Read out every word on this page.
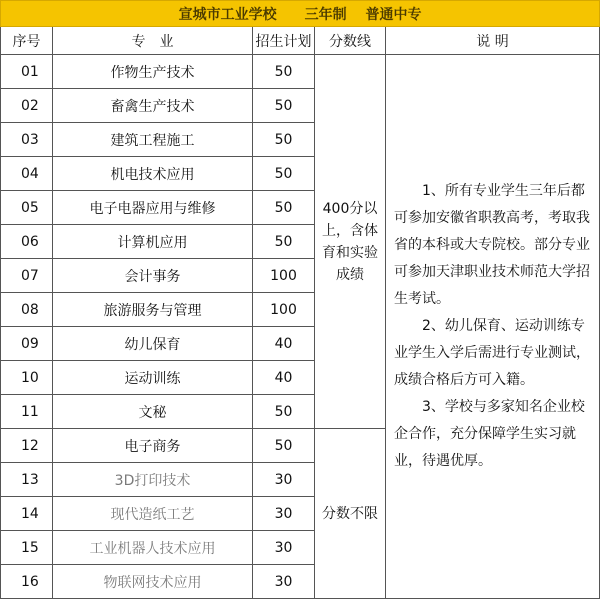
宣城市工业学校　　三年制　 普通中专				
序号	专　业	招生计划	分数线	说 明
01	作物生产技术	50	400分以上，含体育和实验成绩	1、所有专业学生三年后都可参加安徽省职教高考，考取我省的本科或大专院校。部分专业可参加天津职业技术师范大学招生考试。

2、幼儿保育、运动训练专业学生入学后需进行专业测试，成绩合格后方可入籍。

3、学校与多家知名企业校企合作，充分保障学生实习就业，待遇优厚。

02	畜禽生产技术	50		
03	建筑工程施工	50		
04	机电技术应用	50		
05	电子电器应用与维修	50		
06	计算机应用	50		
07	会计事务	100		
08	旅游服务与管理	100		
09	幼儿保育	40		
10	运动训练	40		
11	文秘	50		
12	电子商务	50	分数不限	
13	3D打印技术	30		
14	现代造纸工艺	30		
15	工业机器人技术应用	30		
16	物联网技术应用	30		
